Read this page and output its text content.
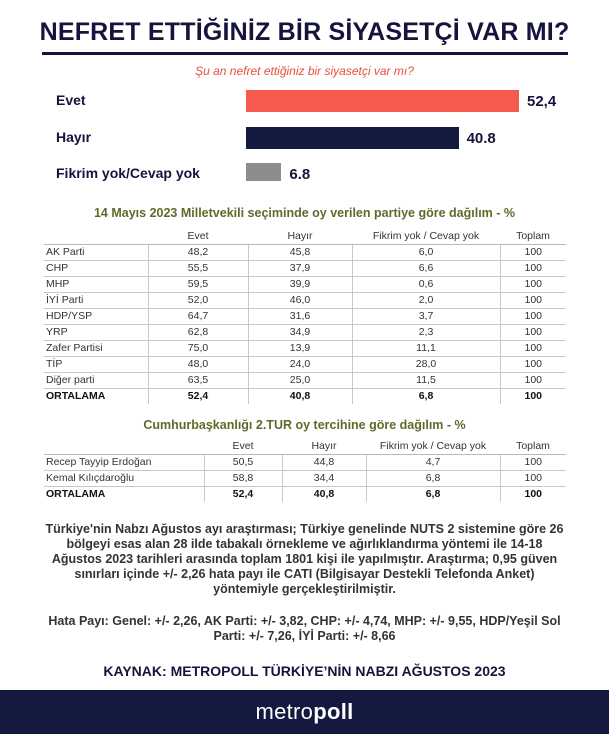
NEFRET ETTİĞİNİZ BİR SİYASETÇİ VAR MI?
Şu an nefret ettiğiniz bir siyasetçi var mı?
Evet	52,4
Hayır	40.8
Fikrim yok/Cevap yok	6.8
14 Mayıs 2023 Milletvekili seçiminde oy verilen partiye göre dağılım - %
	Evet	Hayır	Fikrim yok / Cevap yok	Toplam
AK Parti	48,2	45,8	6,0	100
CHP	55,5	37,9	6,6	100
MHP	59,5	39,9	0,6	100
İYİ Parti	52,0	46,0	2,0	100
HDP/YSP	64,7	31,6	3,7	100
YRP	62,8	34,9	2,3	100
Zafer Partisi	75,0	13,9	11,1	100
TİP	48,0	24,0	28,0	100
Diğer parti	63,5	25,0	11,5	100
ORTALAMA	52,4	40,8	6,8	100
Cumhurbaşkanlığı 2.TUR oy tercihine göre dağılım - %
	Evet	Hayır	Fikrim yok / Cevap yok	Toplam
Recep Tayyip Erdoğan	50,5	44,8	4,7	100
Kemal Kılıçdaroğlu	58,8	34,4	6,8	100
ORTALAMA	52,4	40,8	6,8	100
Türkiye'nin Nabzı Ağustos ayı araştırması; Türkiye genelinde NUTS 2 sistemine göre 26 bölgeyi esas alan 28 ilde tabakalı örnekleme ve ağırlıklandırma yöntemi ile 14-18 Ağustos 2023 tarihleri arasında toplam 1801 kişi ile yapılmıştır. Araştırma; 0,95 güven sınırları içinde +/- 2,26 hata payı ile CATI (Bilgisayar Destekli Telefonda Anket) yöntemiyle gerçekleştirilmiştir.
Hata Payı: Genel: +/- 2,26, AK Parti: +/- 3,82, CHP: +/- 4,74, MHP: +/- 9,55, HDP/Yeşil Sol Parti: +/- 7,26, İYİ Parti: +/- 8,66
KAYNAK: METROPOLL TÜRKİYE’NİN NABZI AĞUSTOS 2023
metropoll
